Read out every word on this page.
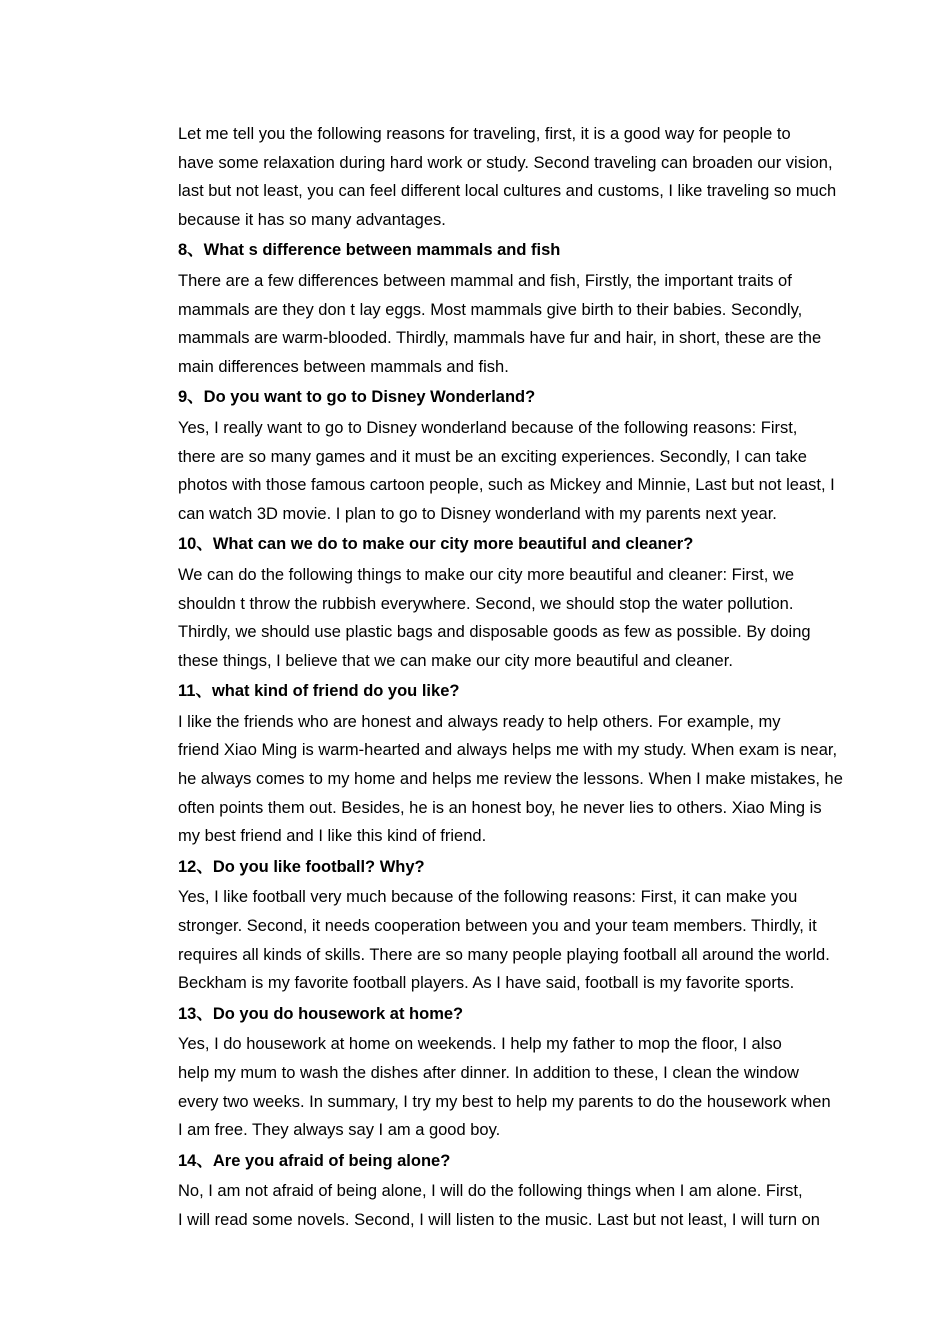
Let me tell you the following reasons for traveling, first, it is a good way for people to
have some relaxation during hard work or study. Second traveling can broaden our vision,
last but not least, you can feel different local cultures and customs, I like traveling so much
because it has so many advantages.

8、What s difference between mammals and fish

There are a few differences between mammal and fish, Firstly, the important traits of
mammals are they don t lay eggs. Most mammals give birth to their babies. Secondly,
mammals are warm-blooded. Thirdly, mammals have fur and hair, in short, these are the
main differences between mammals and fish.

9、Do you want to go to Disney Wonderland?

Yes, I really want to go to Disney wonderland because of the following reasons: First,
there are so many games and it must be an exciting experiences. Secondly, I can take
photos with those famous cartoon people, such as Mickey and Minnie, Last but not least, I
can watch 3D movie. I plan to go to Disney wonderland with my parents next year.

10、What can we do to make our city more beautiful and cleaner?

We can do the following things to make our city more beautiful and cleaner: First, we
shouldn t throw the rubbish everywhere. Second, we should stop the water pollution.
Thirdly, we should use plastic bags and disposable goods as few as possible. By doing
these things, I believe that we can make our city more beautiful and cleaner.

11、what kind of friend do you like?

I like the friends who are honest and always ready to help others. For example, my
friend Xiao Ming is warm-hearted and always helps me with my study. When exam is near,
he always comes to my home and helps me review the lessons. When I make mistakes, he
often points them out. Besides, he is an honest boy, he never lies to others. Xiao Ming is
my best friend and I like this kind of friend.

12、Do you like football? Why?

Yes, I like football very much because of the following reasons: First, it can make you
stronger. Second, it needs cooperation between you and your team members. Thirdly, it
requires all kinds of skills. There are so many people playing football all around the world.
Beckham is my favorite football players. As I have said, football is my favorite sports.

13、Do you do housework at home?

Yes, I do housework at home on weekends. I help my father to mop the floor, I also
help my mum to wash the dishes after dinner. In addition to these, I clean the window
every two weeks. In summary, I try my best to help my parents to do the housework when
I am free. They always say I am a good boy.

14、Are you afraid of being alone?

No, I am not afraid of being alone, I will do the following things when I am alone. First,
I will read some novels. Second, I will listen to the music. Last but not least, I will turn on
